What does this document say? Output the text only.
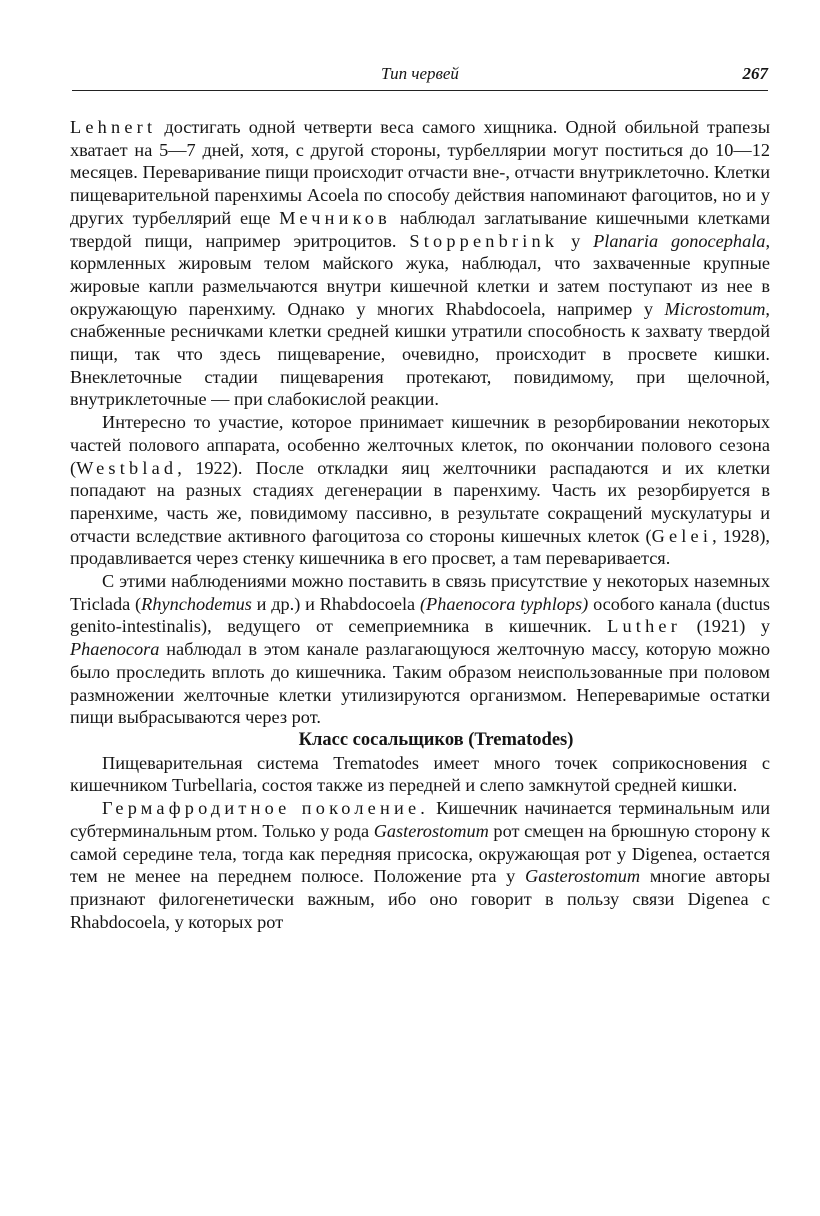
Тип червей	267

Lehnert достигать одной четверти веса самого хищника. Одной обильной трапезы хватает на 5—7 дней, хотя, с другой стороны, турбеллярии могут поститься до 10—12 месяцев. Переваривание пищи происходит отчасти вне-, отчасти внутриклеточно. Клетки пищеварительной паренхимы Acoela по способу действия напоминают фагоцитов, но и у других турбеллярий еще Мечников наблюдал заглатывание кишечными клетками твердой пищи, например эритроцитов. Stoppenbrink у Planaria gonocephala, кормленных жировым телом майского жука, наблюдал, что захваченные крупные жировые капли размельчаются внутри кишечной клетки и затем поступают из нее в окружающую паренхиму. Однако у многих Rhabdocoela, например у Microstomum, снабженные ресничками клетки средней кишки утратили способность к захвату твердой пищи, так что здесь пищеварение, очевидно, происходит в просвете кишки. Внеклеточные стадии пищеварения протекают, повидимому, при щелочной, внутриклеточные — при слабокислой реакции.

Интересно то участие, которое принимает кишечник в резорбировании некоторых частей полового аппарата, особенно желточных клеток, по окончании полового сезона (Westblad, 1922). После откладки яиц желточники распадаются и их клетки попадают на разных стадиях дегенерации в паренхиму. Часть их резорбируется в паренхиме, часть же, повидимому пассивно, в результате сокращений мускулатуры и отчасти вследствие активного фагоцитоза со стороны кишечных клеток (Gelei, 1928), продавливается через стенку кишечника в его просвет, а там переваривается.

С этими наблюдениями можно поставить в связь присутствие у некоторых наземных Triclada (Rhynchodemus и др.) и Rhabdocoela (Phaenocora typhlops) особого канала (ductus genito-intestinalis), ведущего от семеприемника в кишечник. Luther (1921) у Phaenocora наблюдал в этом канале разлагающуюся желточную массу, которую можно было проследить вплоть до кишечника. Таким образом неиспользованные при половом размножении желточные клетки утилизируются организмом. Непереваримые остатки пищи выбрасываются через рот.

Класс сосальщиков (Trematodes)

Пищеварительная система Trematodes имеет много точек соприкосновения с кишечником Turbellaria, состоя также из передней и слепо замкнутой средней кишки.

Гермафродитное поколение. Кишечник начинается терминальным или субтерминальным ртом. Только у рода Gasterostomum рот смещен на брюшную сторону к самой середине тела, тогда как передняя присоска, окружающая рот у Digenea, остается тем не менее на переднем полюсе. Положение рта у Gasterostomum многие авторы признают филогенетически важным, ибо оно говорит в пользу связи Digenea с Rhabdocoela, у которых рот
